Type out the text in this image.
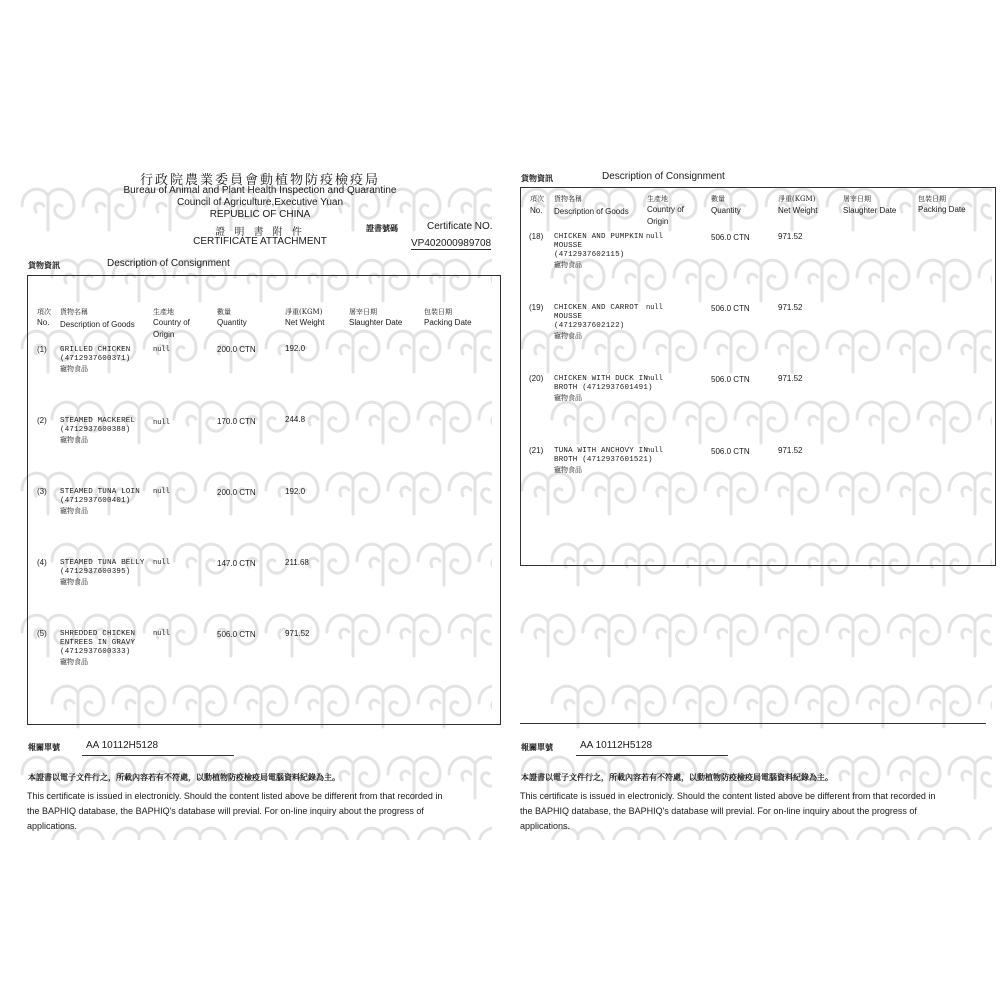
行政院農業委員會動植物防疫檢疫局
Bureau of Animal and Plant Health Inspection and Quarantine
Council of Agriculture,Executive Yuan
REPUBLIC OF CHINA
證 明 書 附 件
CERTIFICATE ATTACHMENT
證書號碼	Certificate NO.
VP402000989708
貨物資訊	Description of Consignment
項次
No.
貨物名稱
Description of Goods
生產地
Country of
Origin
數量
Quantity
淨重(KGM)
Net Weight
屠宰日期
Slaughter Date
包裝日期
Packing Date
(1) GRILLED CHICKEN
(4712937600371)
寵物食品
null	200.0 CTN	192.0
(2) STEAMED MACKEREL
(4712937600388)
寵物食品
null	170.0 CTN	244.8
(3) STEAMED TUNA LOIN
(4712937600401)
寵物食品
null	200.0 CTN	192.0
(4) STEAMED TUNA BELLY
(4712937600395)
寵物食品
null	147.0 CTN	211.68
(5) SHREDDED CHICKEN
ENTREES IN GRAVY
(4712937600333)
寵物食品
null	506.0 CTN	971.52
報關單號	AA 10112H5128
本證書以電子文件行之，所載內容若有不符處，以動植物防疫檢疫局電腦資料紀錄為主。
This certificate is issued in electronicly. Should the content listed above be different from that recorded in
the BAPHIQ database, the BAPHIQ's database will previal. For on-line inquiry about the progress of
applications.
貨物資訊	Description of Consignment
項次
No.
貨物名稱
Description of Goods
生產地
Country of
Origin
數量
Quantity
淨重(KGM)
Net Weight
屠宰日期
Slaughter Date
包裝日期
Packing Date
(18) CHICKEN AND PUMPKIN
MOUSSE
(4712937602115)
寵物食品
null	506.0 CTN	971.52
(19) CHICKEN AND CARROT
MOUSSE
(4712937602122)
寵物食品
null	506.0 CTN	971.52
(20) CHICKEN WITH DUCK IN
BROTH (4712937601491)
寵物食品
null	506.0 CTN	971.52
(21) TUNA WITH ANCHOVY IN
BROTH (4712937601521)
寵物食品
null	506.0 CTN	971.52
報關單號	AA 10112H5128
本證書以電子文件行之，所載內容若有不符處，以動植物防疫檢疫局電腦資料紀錄為主。
This certificate is issued in electronicly. Should the content listed above be different from that recorded in
the BAPHIQ database, the BAPHIQ's database will previal. For on-line inquiry about the progress of
applications.
